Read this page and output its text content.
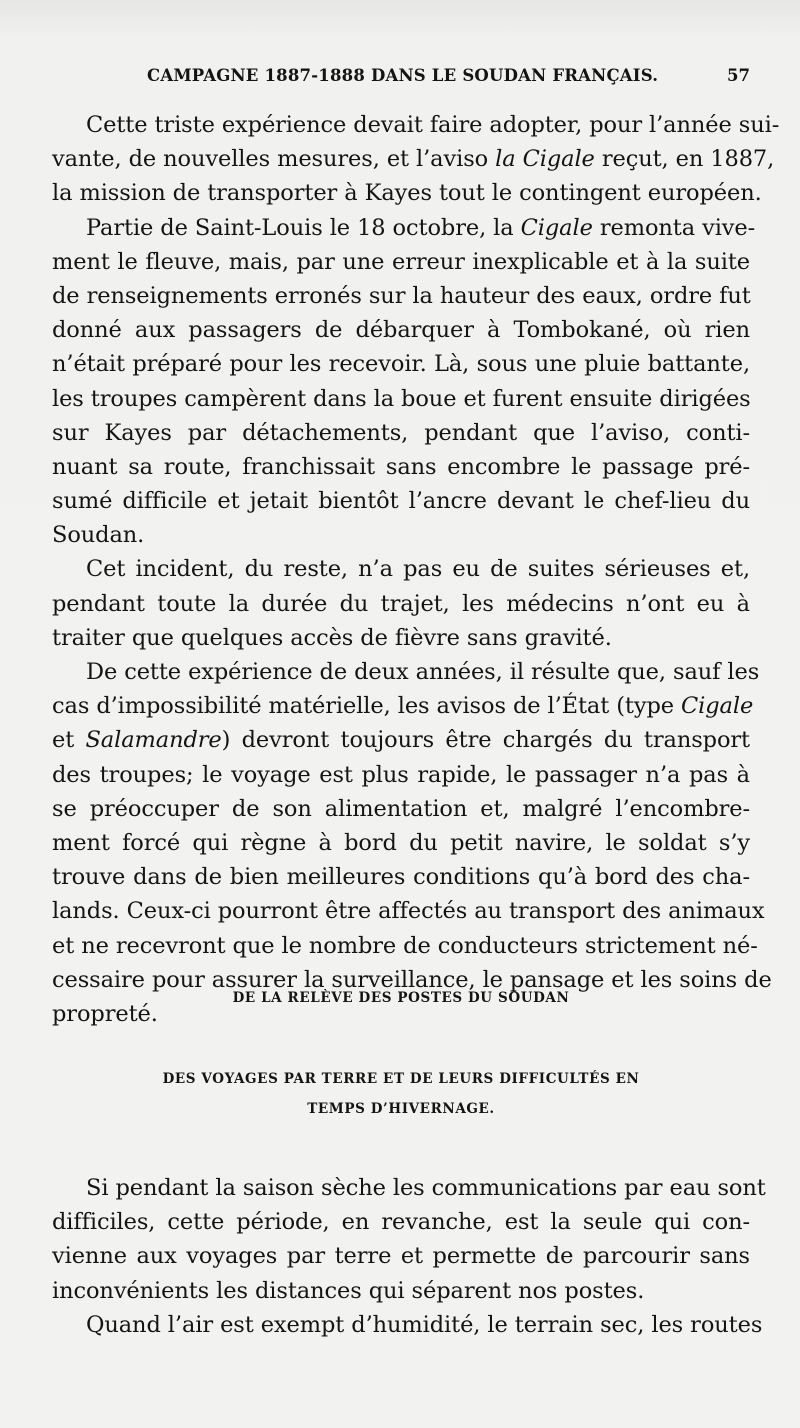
CAMPAGNE 1887-1888 DANS LE SOUDAN FRANÇAIS.	57
Cette triste expérience devait faire adopter, pour l’année sui-
vante, de nouvelles mesures, et l’aviso la Cigale reçut, en 1887,
la mission de transporter à Kayes tout le contingent européen.
Partie de Saint-Louis le 18 octobre, la Cigale remonta vive-
ment le fleuve, mais, par une erreur inexplicable et à la suite
de renseignements erronés sur la hauteur des eaux, ordre fut
donné aux passagers de débarquer à Tombokané, où rien
n’était préparé pour les recevoir. Là, sous une pluie battante,
les troupes campèrent dans la boue et furent ensuite dirigées
sur Kayes par détachements, pendant que l’aviso, conti-
nuant sa route, franchissait sans encombre le passage pré-
sumé difficile et jetait bientôt l’ancre devant le chef-lieu du
Soudan.
Cet incident, du reste, n’a pas eu de suites sérieuses et,
pendant toute la durée du trajet, les médecins n’ont eu à
traiter que quelques accès de fièvre sans gravité.
De cette expérience de deux années, il résulte que, sauf les
cas d’impossibilité matérielle, les avisos de l’État (type Cigale
et Salamandre) devront toujours être chargés du transport
des troupes; le voyage est plus rapide, le passager n’a pas à
se préoccuper de son alimentation et, malgré l’encombre-
ment forcé qui règne à bord du petit navire, le soldat s’y
trouve dans de bien meilleures conditions qu’à bord des cha-
lands. Ceux-ci pourront être affectés au transport des animaux
et ne recevront que le nombre de conducteurs strictement né-
cessaire pour assurer la surveillance, le pansage et les soins de
propreté.
DE LA RELÈVE DES POSTES DU SOUDAN
DES VOYAGES PAR TERRE ET DE LEURS DIFFICULTÉS EN
TEMPS D’HIVERNAGE.
Si pendant la saison sèche les communications par eau sont
difficiles, cette période, en revanche, est la seule qui con-
vienne aux voyages par terre et permette de parcourir sans
inconvénients les distances qui séparent nos postes.
Quand l’air est exempt d’humidité, le terrain sec, les routes
